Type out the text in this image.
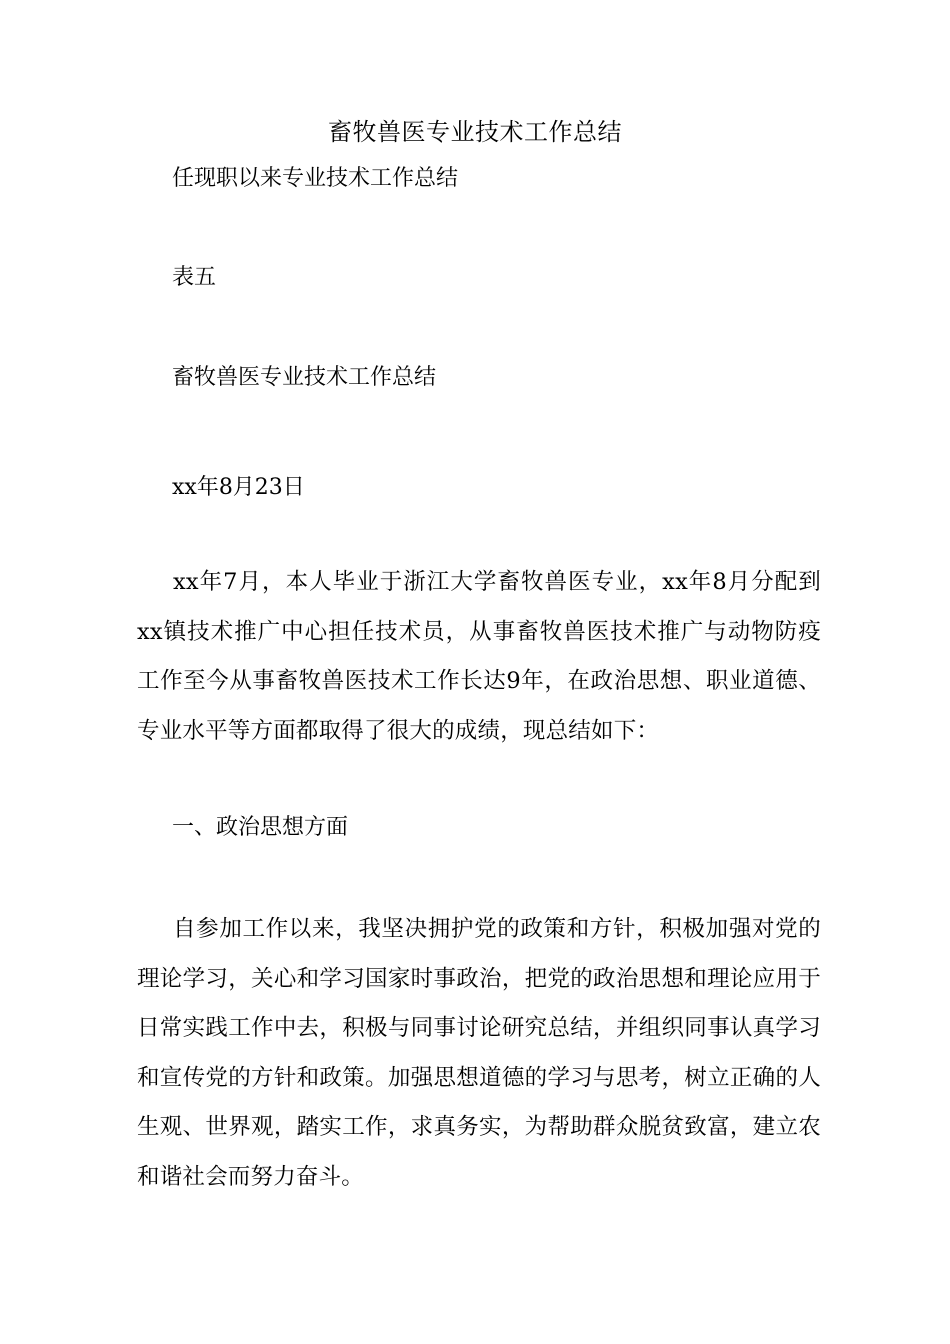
畜牧兽医专业技术工作总结
任现职以来专业技术工作总结
表五
畜牧兽医专业技术工作总结
xx年8月23日
xx年7月，本人毕业于浙江大学畜牧兽医专业，xx年8月分配到xx镇技术推广中心担任技术员，从事畜牧兽医技术推广与动物防疫工作至今从事畜牧兽医技术工作长达9年，在政治思想、职业道德、专业水平等方面都取得了很大的成绩，现总结如下：
一、政治思想方面
自参加工作以来，我坚决拥护党的政策和方针，积极加强对党的理论学习，关心和学习国家时事政治，把党的政治思想和理论应用于日常实践工作中去，积极与同事讨论研究总结，并组织同事认真学习和宣传党的方针和政策。加强思想道德的学习与思考，树立正确的人生观、世界观，踏实工作，求真务实，为帮助群众脱贫致富，建立农和谐社会而努力奋斗。
